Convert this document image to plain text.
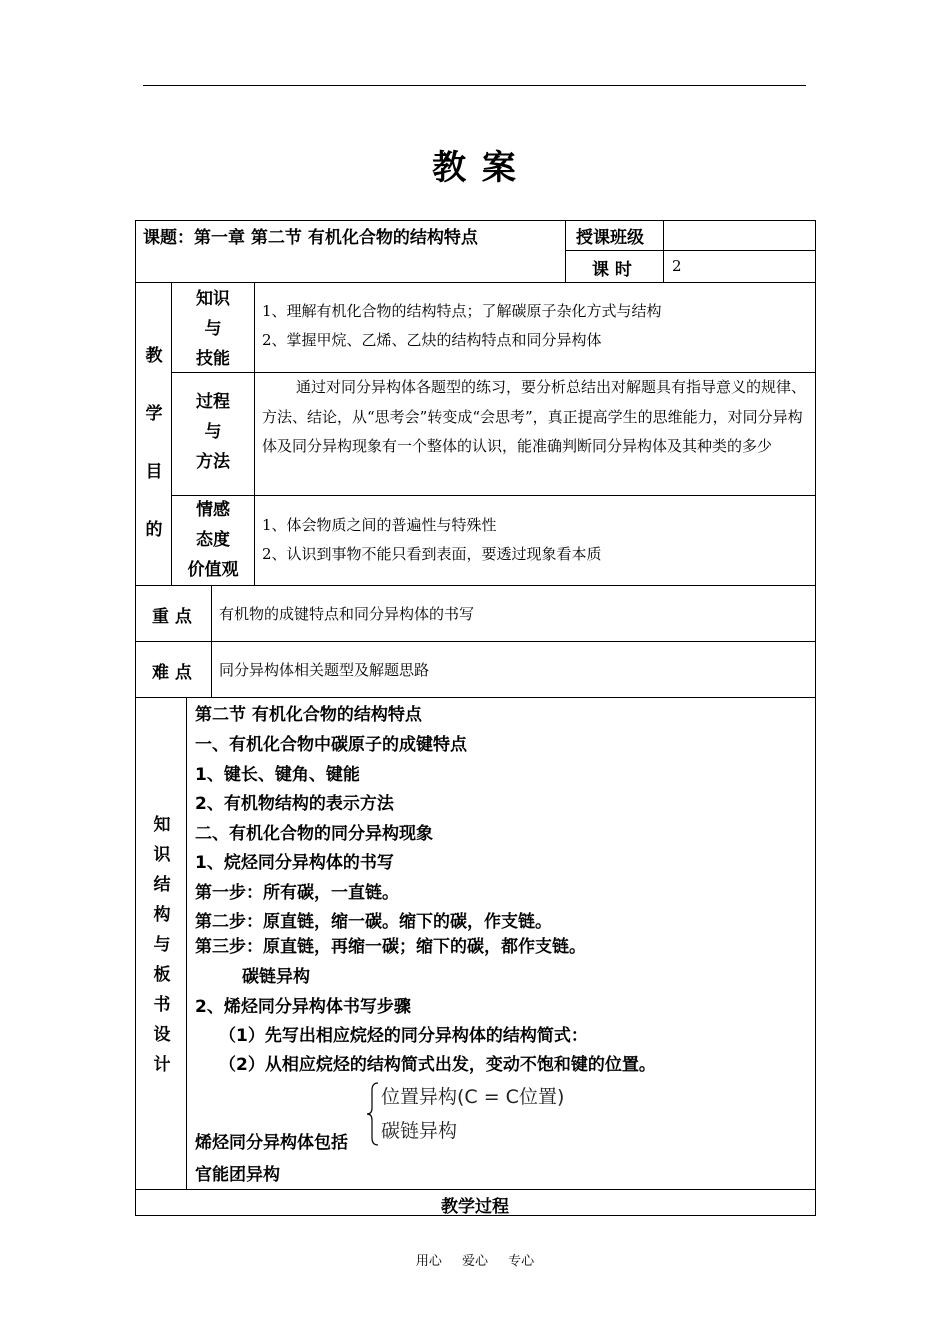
教 案
课题：第一章 第二节 有机化合物的结构特点	授课班级
课 时	2
教
学
目
的
知识
与
技能
1、理解有机化合物的结构特点；了解碳原子杂化方式与结构
2、掌握甲烷、乙烯、乙炔的结构特点和同分异构体
过程
与
方法
通过对同分异构体各题型的练习，要分析总结出对解题具有指导意义的规律、方法、结论，从“思考会”转变成“会思考”，真正提高学生的思维能力，对同分异构体及同分异构现象有一个整体的认识，能准确判断同分异构体及其种类的多少
情感
态度
价值观
1、体会物质之间的普遍性与特殊性
2、认识到事物不能只看到表面，要透过现象看本质
重 点 有机物的成键特点和同分异构体的书写
难 点 同分异构体相关题型及解题思路
知
识
结
构
与
板
书
设
计
第二节 有机化合物的结构特点
一、有机化合物中碳原子的成键特点
1、键长、键角、键能
2、有机物结构的表示方法
二、有机化合物的同分异构现象
1、烷烃同分异构体的书写
第一步：所有碳，一直链。
第二步：原直链，缩一碳。缩下的碳，作支链。
第三步：原直链，再缩一碳；缩下的碳，都作支链。
碳链异构
2、烯烃同分异构体书写步骤
（1）先写出相应烷烃的同分异构体的结构简式：
（2）从相应烷烃的结构简式出发，变动不饱和键的位置。
位置异构(C = C位置)
碳链异构
烯烃同分异构体包括
官能团异构
教学过程
用心 爱心 专心
